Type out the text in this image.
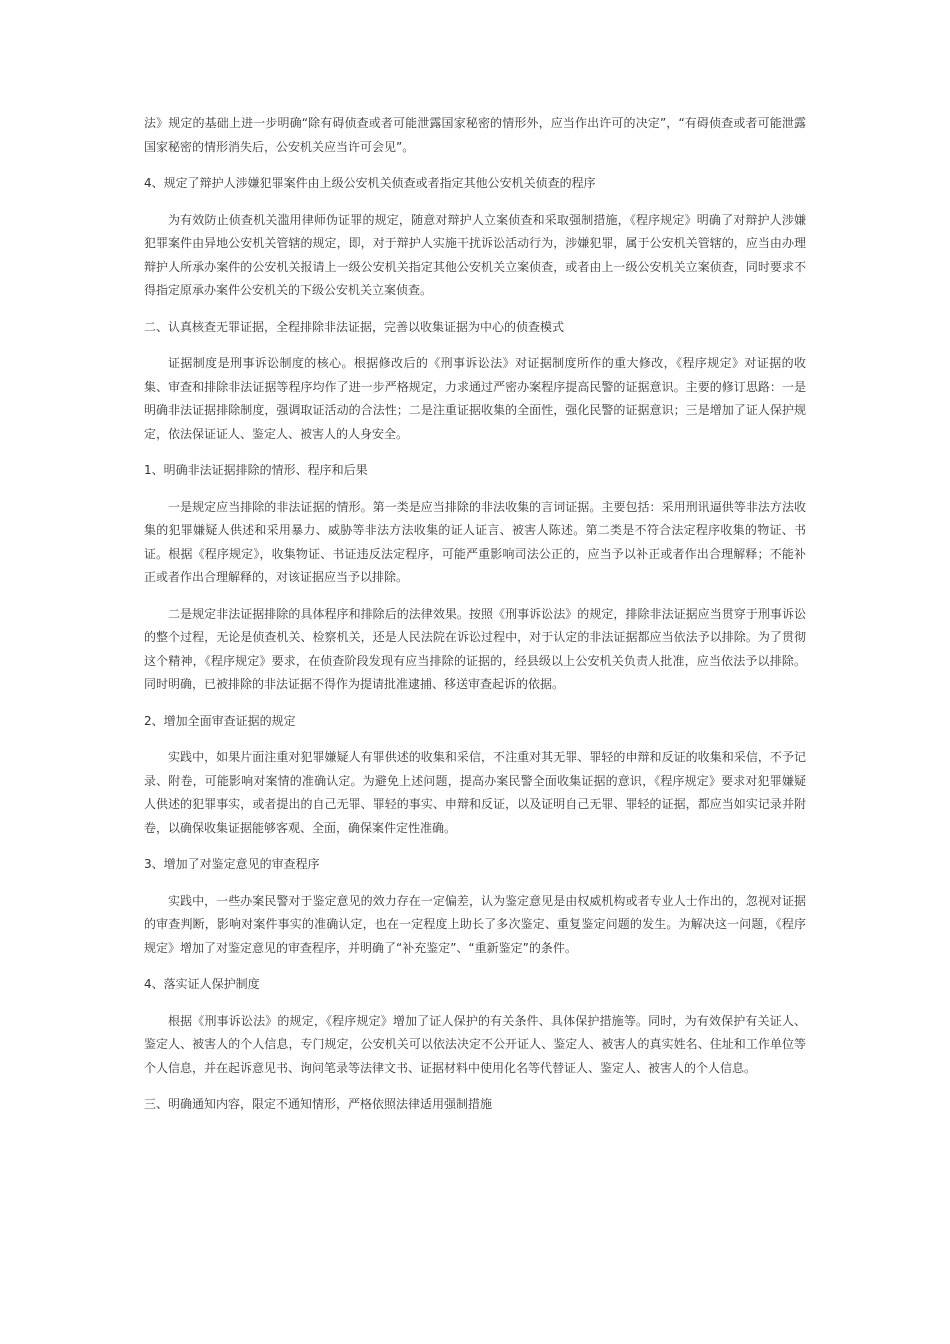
法》规定的基础上进一步明确“除有碍侦查或者可能泄露国家秘密的情形外，应当作出许可的决定”，“有碍侦查或者可能泄露国家秘密的情形消失后，公安机关应当许可会见”。

4、规定了辩护人涉嫌犯罪案件由上级公安机关侦查或者指定其他公安机关侦查的程序

为有效防止侦查机关滥用律师伪证罪的规定，随意对辩护人立案侦查和采取强制措施，《程序规定》明确了对辩护人涉嫌犯罪案件由异地公安机关管辖的规定，即，对于辩护人实施干扰诉讼活动行为，涉嫌犯罪，属于公安机关管辖的，应当由办理辩护人所承办案件的公安机关报请上一级公安机关指定其他公安机关立案侦查，或者由上一级公安机关立案侦查，同时要求不得指定原承办案件公安机关的下级公安机关立案侦查。

二、认真核查无罪证据，全程排除非法证据，完善以收集证据为中心的侦查模式

证据制度是刑事诉讼制度的核心。根据修改后的《刑事诉讼法》对证据制度所作的重大修改，《程序规定》对证据的收集、审查和排除非法证据等程序均作了进一步严格规定，力求通过严密办案程序提高民警的证据意识。主要的修订思路：一是明确非法证据排除制度，强调取证活动的合法性；二是注重证据收集的全面性，强化民警的证据意识；三是增加了证人保护规定，依法保证证人、鉴定人、被害人的人身安全。

1、明确非法证据排除的情形、程序和后果

一是规定应当排除的非法证据的情形。第一类是应当排除的非法收集的言词证据。主要包括：采用刑讯逼供等非法方法收集的犯罪嫌疑人供述和采用暴力、威胁等非法方法收集的证人证言、被害人陈述。第二类是不符合法定程序收集的物证、书证。根据《程序规定》，收集物证、书证违反法定程序，可能严重影响司法公正的，应当予以补正或者作出合理解释；不能补正或者作出合理解释的，对该证据应当予以排除。

二是规定非法证据排除的具体程序和排除后的法律效果。按照《刑事诉讼法》的规定，排除非法证据应当贯穿于刑事诉讼的整个过程，无论是侦查机关、检察机关，还是人民法院在诉讼过程中，对于认定的非法证据都应当依法予以排除。为了贯彻这个精神，《程序规定》要求，在侦查阶段发现有应当排除的证据的，经县级以上公安机关负责人批准，应当依法予以排除。同时明确，已被排除的非法证据不得作为提请批准逮捕、移送审查起诉的依据。

2、增加全面审查证据的规定

实践中，如果片面注重对犯罪嫌疑人有罪供述的收集和采信，不注重对其无罪、罪轻的申辩和反证的收集和采信，不予记录、附卷，可能影响对案情的准确认定。为避免上述问题，提高办案民警全面收集证据的意识，《程序规定》要求对犯罪嫌疑人供述的犯罪事实，或者提出的自己无罪、罪轻的事实、申辩和反证，以及证明自己无罪、罪轻的证据，都应当如实记录并附卷，以确保收集证据能够客观、全面，确保案件定性准确。

3、增加了对鉴定意见的审查程序

实践中，一些办案民警对于鉴定意见的效力存在一定偏差，认为鉴定意见是由权威机构或者专业人士作出的，忽视对证据的审查判断，影响对案件事实的准确认定，也在一定程度上助长了多次鉴定、重复鉴定问题的发生。为解决这一问题，《程序规定》增加了对鉴定意见的审查程序，并明确了“补充鉴定”、“重新鉴定”的条件。

4、落实证人保护制度

根据《刑事诉讼法》的规定，《程序规定》增加了证人保护的有关条件、具体保护措施等。同时，为有效保护有关证人、鉴定人、被害人的个人信息，专门规定，公安机关可以依法决定不公开证人、鉴定人、被害人的真实姓名、住址和工作单位等个人信息，并在起诉意见书、询问笔录等法律文书、证据材料中使用化名等代替证人、鉴定人、被害人的个人信息。

三、明确通知内容，限定不通知情形，严格依照法律适用强制措施
